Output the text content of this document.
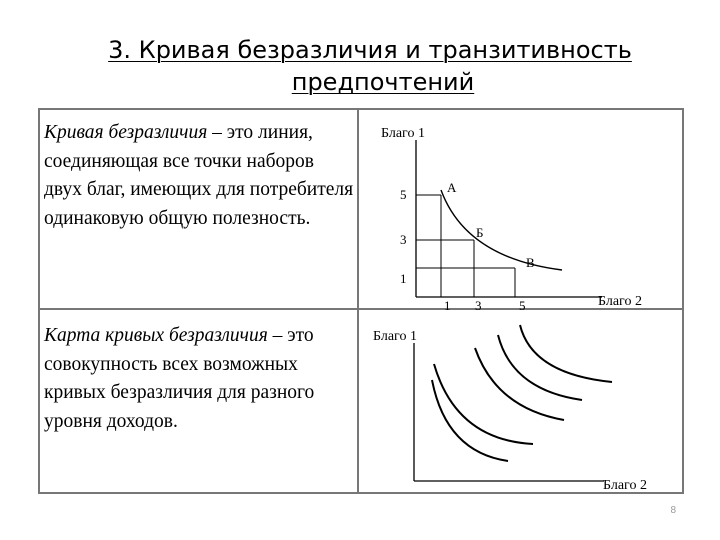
3. Кривая безразличия и транзитивность
предпочтений
Кривая безразличия – это линия, соединяющая все точки наборов двух благ, имеющих для потребителя одинаковую общую полезность.
Карта кривых безразличия – это совокупность всех возможных кривых безразличия для разного уровня доходов.
Благо 1
Благо 2
5
3
1
1 3	5
А
Б
В
Благо 1
Благо 2
8
